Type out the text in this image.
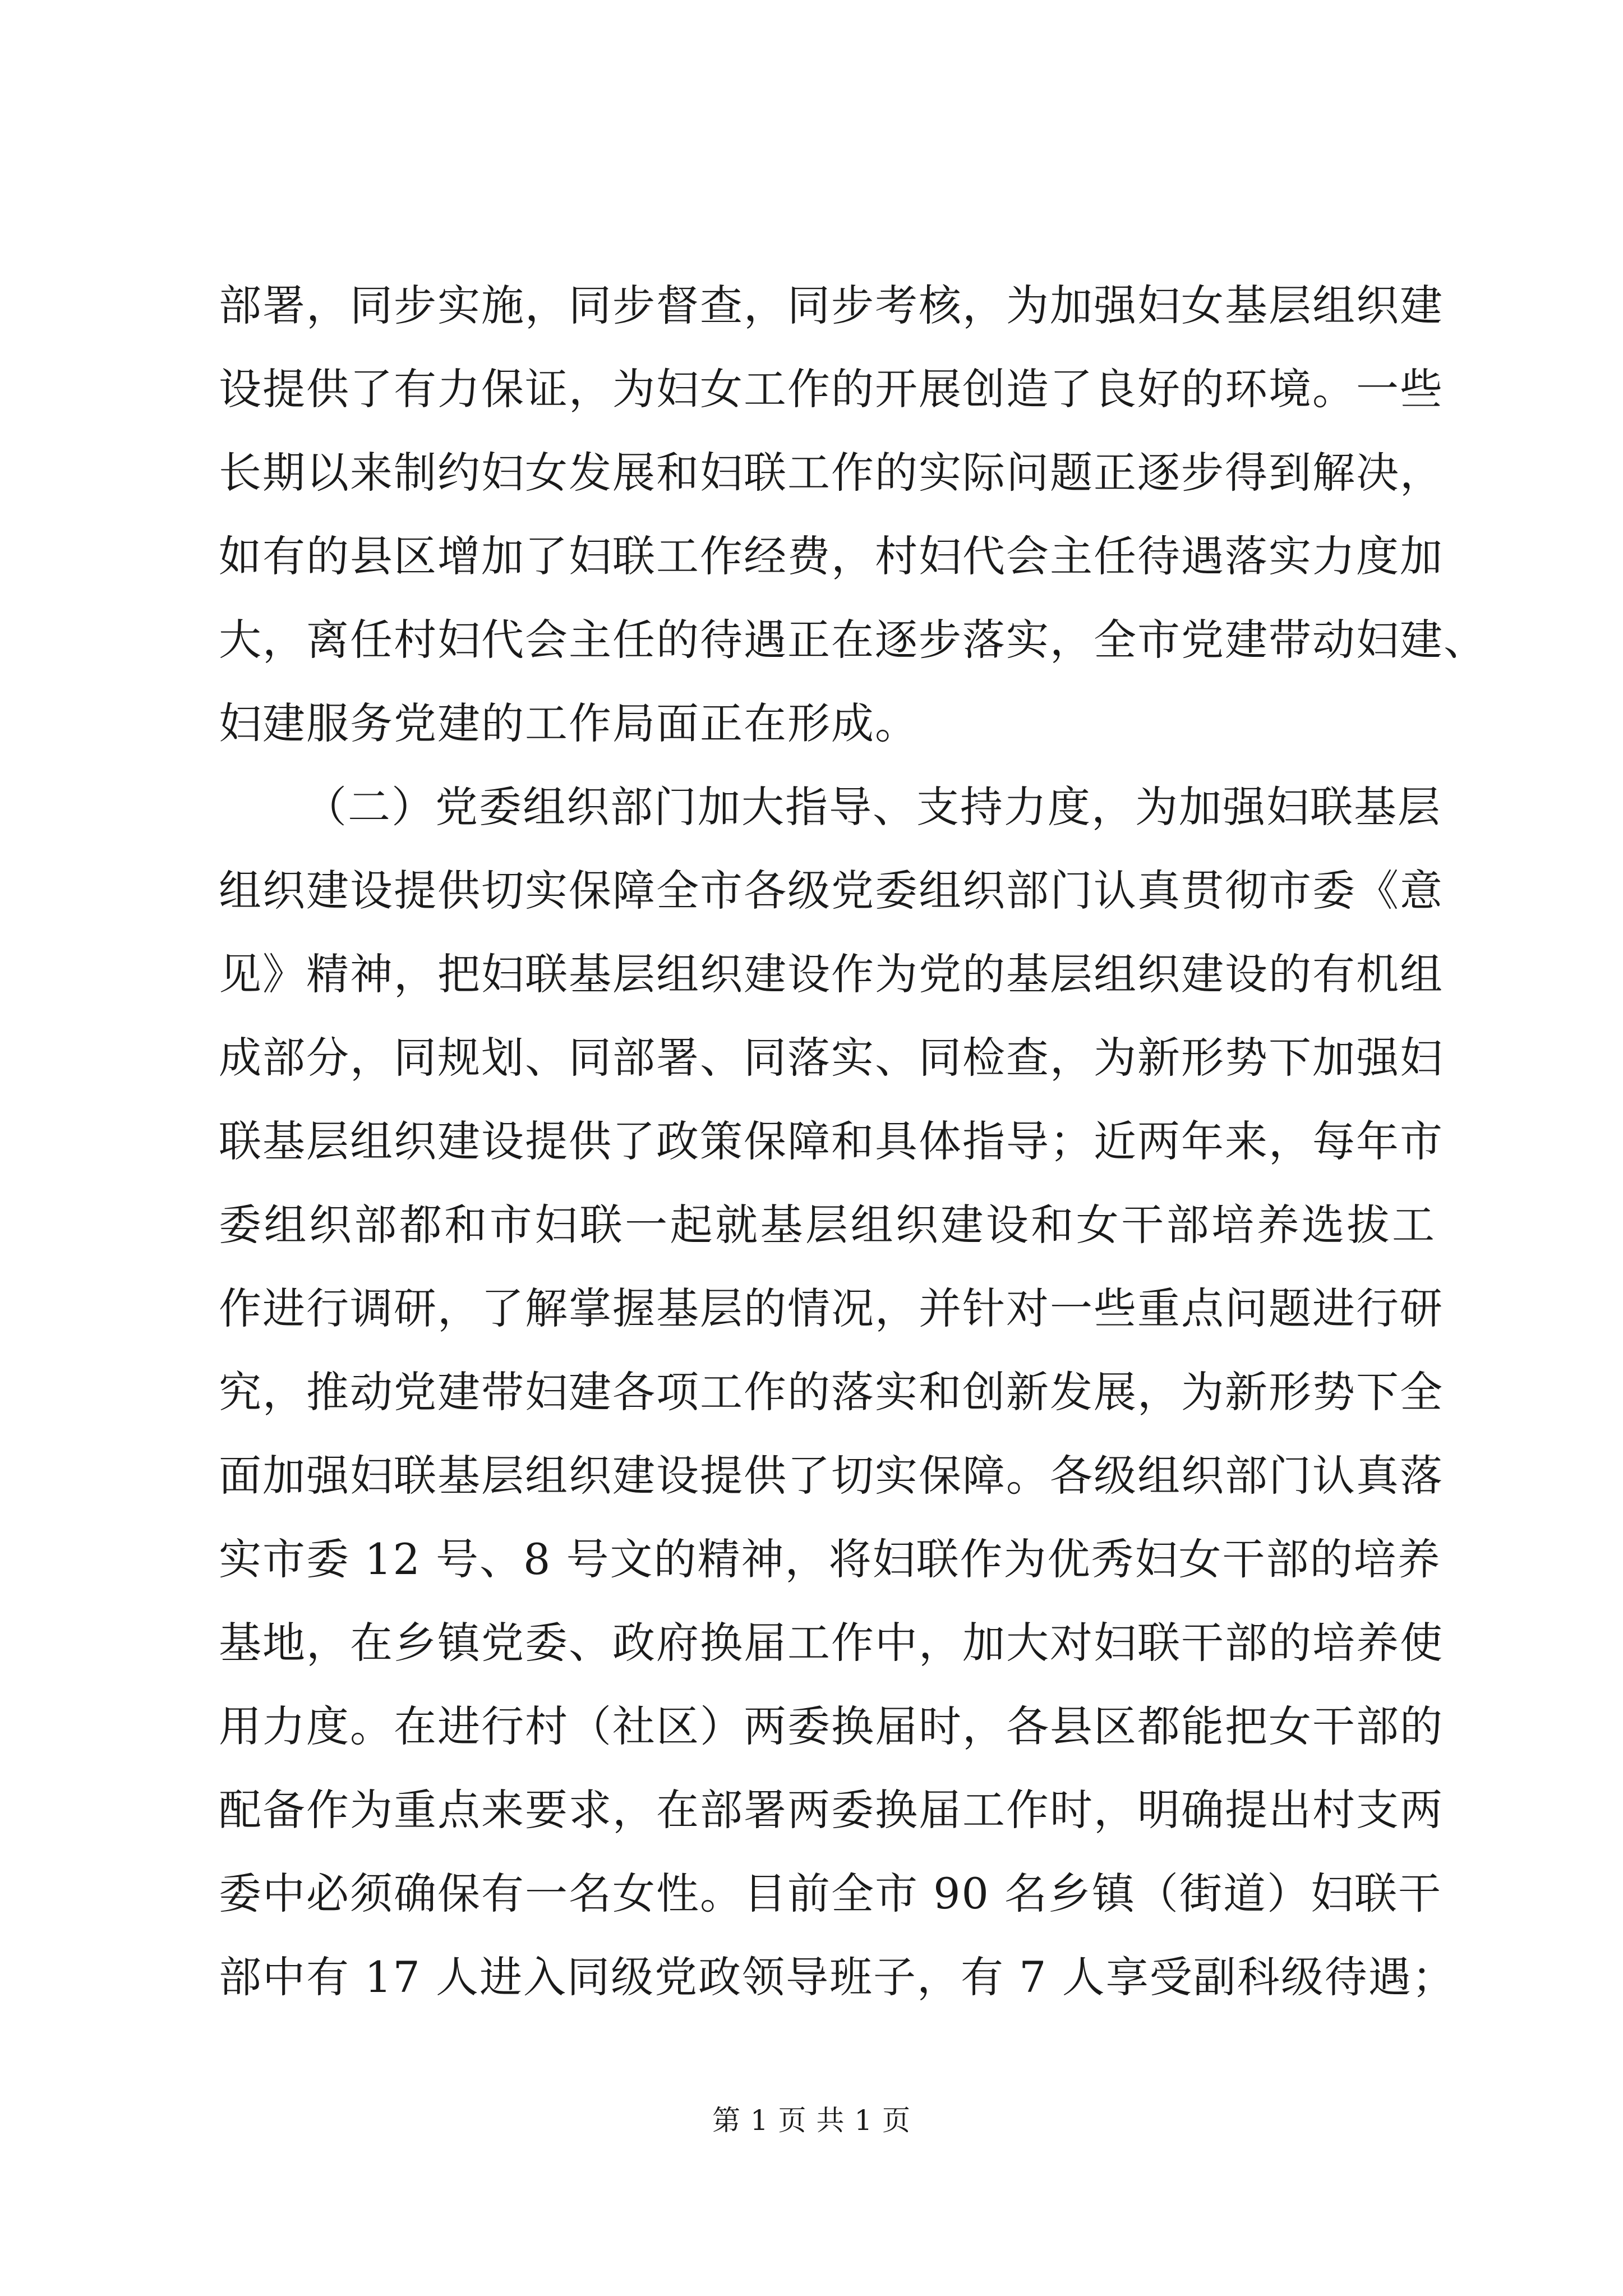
部署，同步实施，同步督查，同步考核，为加强妇女基层组织建
设提供了有力保证，为妇女工作的开展创造了良好的环境。一些
长期以来制约妇女发展和妇联工作的实际问题正逐步得到解决，
如有的县区增加了妇联工作经费，村妇代会主任待遇落实力度加
大，离任村妇代会主任的待遇正在逐步落实，全市党建带动妇建、
妇建服务党建的工作局面正在形成。
（二）党委组织部门加大指导、支持力度，为加强妇联基层
组织建设提供切实保障全市各级党委组织部门认真贯彻市委《意
见》精神，把妇联基层组织建设作为党的基层组织建设的有机组
成部分，同规划、同部署、同落实、同检查，为新形势下加强妇
联基层组织建设提供了政策保障和具体指导；近两年来，每年市
委组织部都和市妇联一起就基层组织建设和女干部培养选拔工
作进行调研，了解掌握基层的情况，并针对一些重点问题进行研
究，推动党建带妇建各项工作的落实和创新发展，为新形势下全
面加强妇联基层组织建设提供了切实保障。各级组织部门认真落
实市委 12 号、8 号文的精神，将妇联作为优秀妇女干部的培养
基地，在乡镇党委、政府换届工作中，加大对妇联干部的培养使
用力度。在进行村（社区）两委换届时，各县区都能把女干部的
配备作为重点来要求，在部署两委换届工作时，明确提出村支两
委中必须确保有一名女性。目前全市 90 名乡镇（街道）妇联干
部中有 17 人进入同级党政领导班子，有 7 人享受副科级待遇；
第 1 页 共 1 页
